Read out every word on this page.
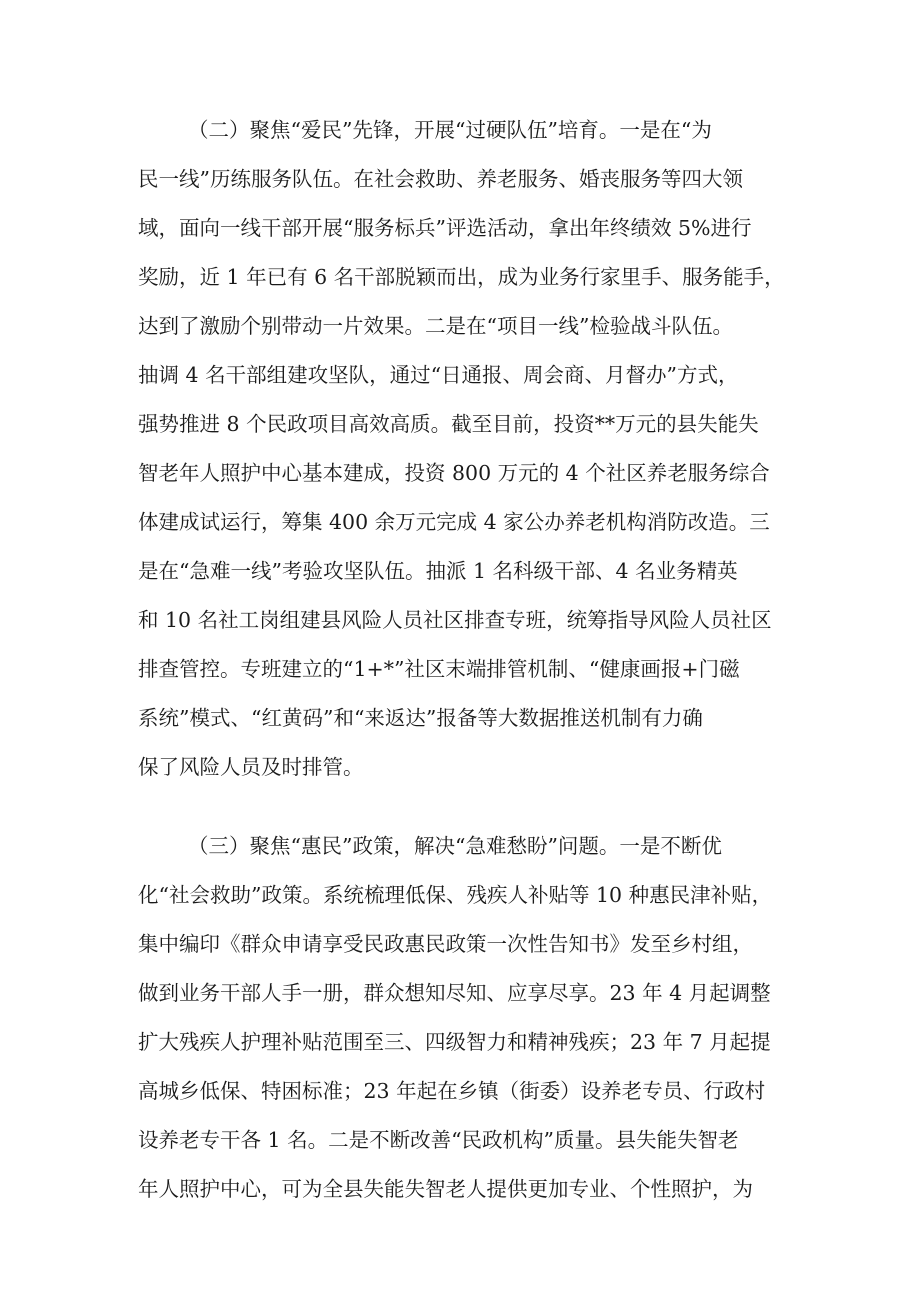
（二）聚焦“爱民”先锋，开展“过硬队伍”培育。一是在“为

民一线”历练服务队伍。在社会救助、养老服务、婚丧服务等四大领

域，面向一线干部开展“服务标兵”评选活动，拿出年终绩效 5%进行

奖励，近 1 年已有 6 名干部脱颖而出，成为业务行家里手、服务能手，

达到了激励个别带动一片效果。二是在“项目一线”检验战斗队伍。

抽调 4 名干部组建攻坚队，通过“日通报、周会商、月督办”方式，

强势推进 8 个民政项目高效高质。截至目前，投资**万元的县失能失

智老年人照护中心基本建成，投资 800 万元的 4 个社区养老服务综合

体建成试运行，筹集 400 余万元完成 4 家公办养老机构消防改造。三

是在“急难一线”考验攻坚队伍。抽派 1 名科级干部、4 名业务精英

和 10 名社工岗组建县风险人员社区排查专班，统筹指导风险人员社区

排查管控。专班建立的“1+*”社区末端排管机制、“健康画报+门磁

系统”模式、“红黄码”和“来返达”报备等大数据推送机制有力确

保了风险人员及时排管。

（三）聚焦“惠民”政策，解决“急难愁盼”问题。一是不断优

化“社会救助”政策。系统梳理低保、残疾人补贴等 10 种惠民津补贴，

集中编印《群众申请享受民政惠民政策一次性告知书》发至乡村组，

做到业务干部人手一册，群众想知尽知、应享尽享。23 年 4 月起调整

扩大残疾人护理补贴范围至三、四级智力和精神残疾；23 年 7 月起提

高城乡低保、特困标准；23 年起在乡镇（街委）设养老专员、行政村

设养老专干各 1 名。二是不断改善“民政机构”质量。县失能失智老

年人照护中心，可为全县失能失智老人提供更加专业、个性照护，为
